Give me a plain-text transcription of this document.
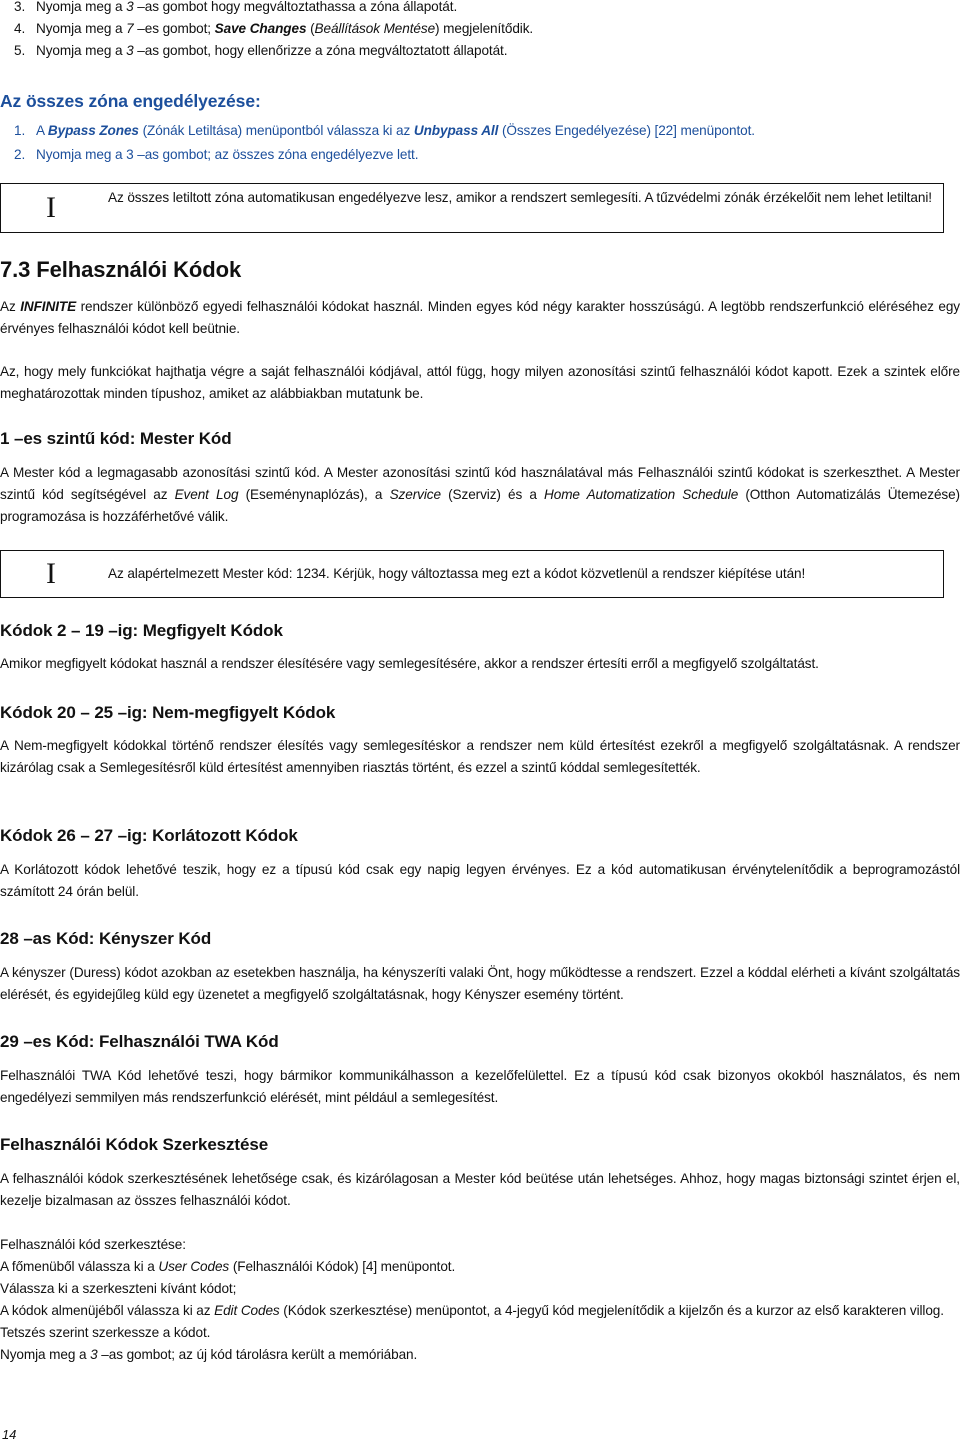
3. Nyomja meg a 3 –as gombot hogy megváltoztathassa a zóna állapotát.
4. Nyomja meg a 7 –es gombot; Save Changes (Beállítások Mentése) megjelenítődik.
5. Nyomja meg a 3 –as gombot, hogy ellenőrizze a zóna megváltoztatott állapotát.
Az összes zóna engedélyezése:
1. A Bypass Zones (Zónák Letiltása) menüpontból válassza ki az Unbypass All (Összes Engedélyezése) [22] menüpontot.
2. Nyomja meg a 3 –as gombot; az összes zóna engedélyezve lett.
I	Az összes letiltott zóna automatikusan engedélyezve lesz, amikor a rendszert semlegesíti. A tűzvédelmi zónák érzékelőit nem lehet letiltani!
7.3 Felhasználói Kódok

Az INFINITE rendszer különböző egyedi felhasználói kódokat használ. Minden egyes kód négy karakter hosszúságú. A legtöbb rendszerfunkció eléréséhez egy érvényes felhasználói kódot kell beütnie.

Az, hogy mely funkciókat hajthatja végre a saját felhasználói kódjával, attól függ, hogy milyen azonosítási szintű felhasználói kódot kapott. Ezek a szintek előre meghatározottak minden típushoz, amiket az alábbiakban mutatunk be.

1 –es szintű kód: Mester Kód

A Mester kód a legmagasabb azonosítási szintű kód. A Mester azonosítási szintű kód használatával más Felhasználói szintű kódokat is szerkeszthet. A Mester szintű kód segítségével az Event Log (Eseménynaplózás), a Szervice (Szerviz) és a Home Automatization Schedule (Otthon Automatizálás Ütemezése) programozása is hozzáférhetővé válik.

I	Az alapértelmezett Mester kód: 1234. Kérjük, hogy változtassa meg ezt a kódot közvetlenül a rendszer kiépítése után!
Kódok 2 – 19 –ig: Megfigyelt Kódok

Amikor megfigyelt kódokat használ a rendszer élesítésére vagy semlegesítésére, akkor a rendszer értesíti erről a megfigyelő szolgáltatást.

Kódok 20 – 25 –ig: Nem-megfigyelt Kódok

A Nem-megfigyelt kódokkal történő rendszer élesítés vagy semlegesítéskor a rendszer nem küld értesítést ezekről a megfigyelő szolgáltatásnak. A rendszer kizárólag csak a Semlegesítésről küld értesítést amennyiben riasztás történt, és ezzel a szintű kóddal semlegesítették.

Kódok 26 – 27 –ig: Korlátozott Kódok

A Korlátozott kódok lehetővé teszik, hogy ez a típusú kód csak egy napig legyen érvényes. Ez a kód automatikusan érvénytelenítődik a beprogramozástól számított 24 órán belül.

28 –as Kód: Kényszer Kód

A kényszer (Duress) kódot azokban az esetekben használja, ha kényszeríti valaki Önt, hogy működtesse a rendszert. Ezzel a kóddal elérheti a kívánt szolgáltatás elérését, és egyidejűleg küld egy üzenetet a megfigyelő szolgáltatásnak, hogy Kényszer esemény történt.

29 –es Kód: Felhasználói TWA Kód

Felhasználói TWA Kód lehetővé teszi, hogy bármikor kommunikálhasson a kezelőfelülettel. Ez a típusú kód csak bizonyos okokból használatos, és nem engedélyezi semmilyen más rendszerfunkció elérését, mint például a semlegesítést.

Felhasználói Kódok Szerkesztése

A felhasználói kódok szerkesztésének lehetősége csak, és kizárólagosan a Mester kód beütése után lehetséges. Ahhoz, hogy magas biztonsági szintet érjen el, kezelje bizalmasan az összes felhasználói kódot.

Felhasználói kód szerkesztése:
A főmenüből válassza ki a User Codes (Felhasználói Kódok) [4] menüpontot.
Válassza ki a szerkeszteni kívánt kódot;
A kódok almenüjéből válassza ki az Edit Codes (Kódok szerkesztése) menüpontot, a 4-jegyű kód megjelenítődik a kijelzőn és a kurzor az első karakteren villog.
Tetszés szerint szerkessze a kódot.
Nyomja meg a 3 –as gombot; az új kód tárolásra került a memóriában.
14
